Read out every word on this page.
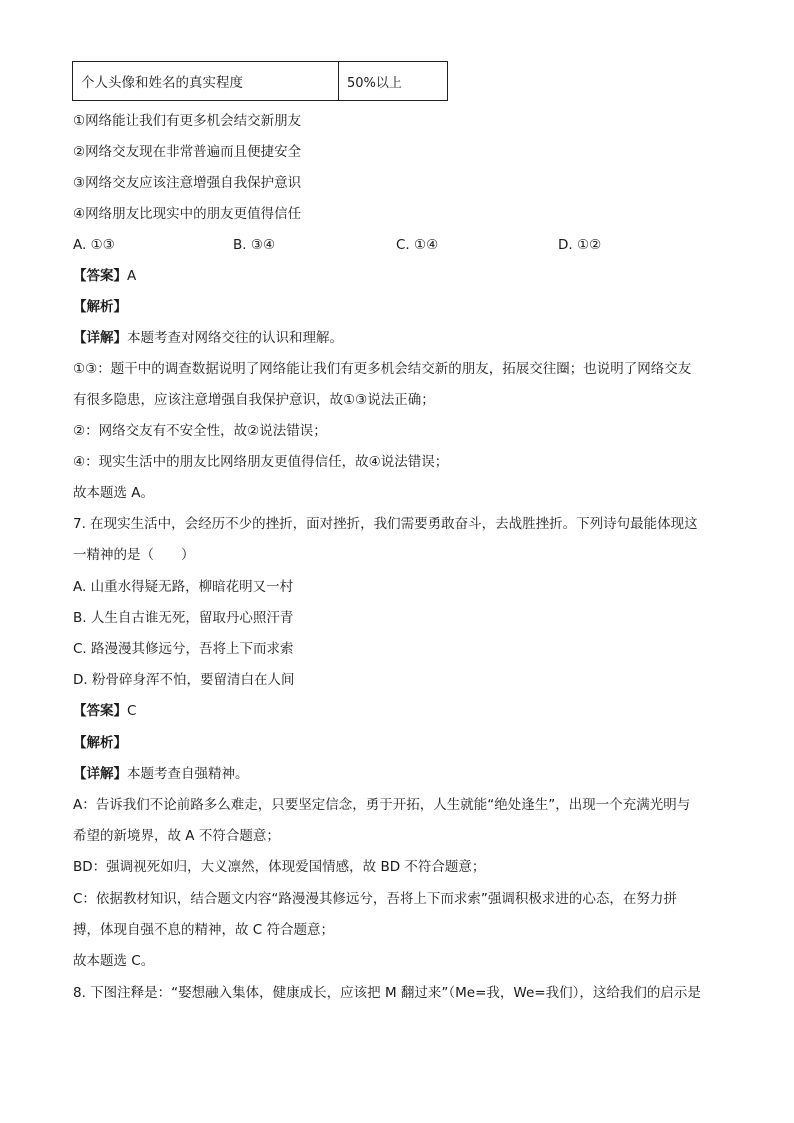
个人头像和姓名的真实程度	50%以上
①网络能让我们有更多机会结交新朋友
②网络交友现在非常普遍而且便捷安全
③网络交友应该注意增强自我保护意识
④网络朋友比现实中的朋友更值得信任
A. ①③	B. ③④	C. ①④	D. ①②
【答案】A
【解析】
【详解】本题考查对网络交往的认识和理解。
①③：题干中的调查数据说明了网络能让我们有更多机会结交新的朋友，拓展交往圈；也说明了网络交友
有很多隐患，应该注意增强自我保护意识，故①③说法正确；
②：网络交友有不安全性，故②说法错误；
④：现实生活中的朋友比网络朋友更值得信任，故④说法错误；
故本题选 A。
7. 在现实生活中，会经历不少的挫折，面对挫折，我们需要勇敢奋斗，去战胜挫折。下列诗句最能体现这
一精神的是（　　）
A. 山重水得疑无路，柳暗花明又一村
B. 人生自古谁无死，留取丹心照汗青
C. 路漫漫其修远兮，吾将上下而求索
D. 粉骨碎身浑不怕，要留清白在人间
【答案】C
【解析】
【详解】本题考查自强精神。
A：告诉我们不论前路多么难走，只要坚定信念，勇于开拓，人生就能“绝处逢生”，出现一个充满光明与
希望的新境界，故 A 不符合题意；
BD：强调视死如归，大义凛然，体现爱国情感，故 BD 不符合题意；
C：依据教材知识，结合题文内容“路漫漫其修远兮，吾将上下而求索”强调积极求进的心态，在努力拼
搏，体现自强不息的精神，故 C 符合题意；
故本题选 C。
8. 下图注释是：“娶想融入集体，健康成长，应该把 M 翻过来”（Me=我，We=我们），这给我们的启示是
